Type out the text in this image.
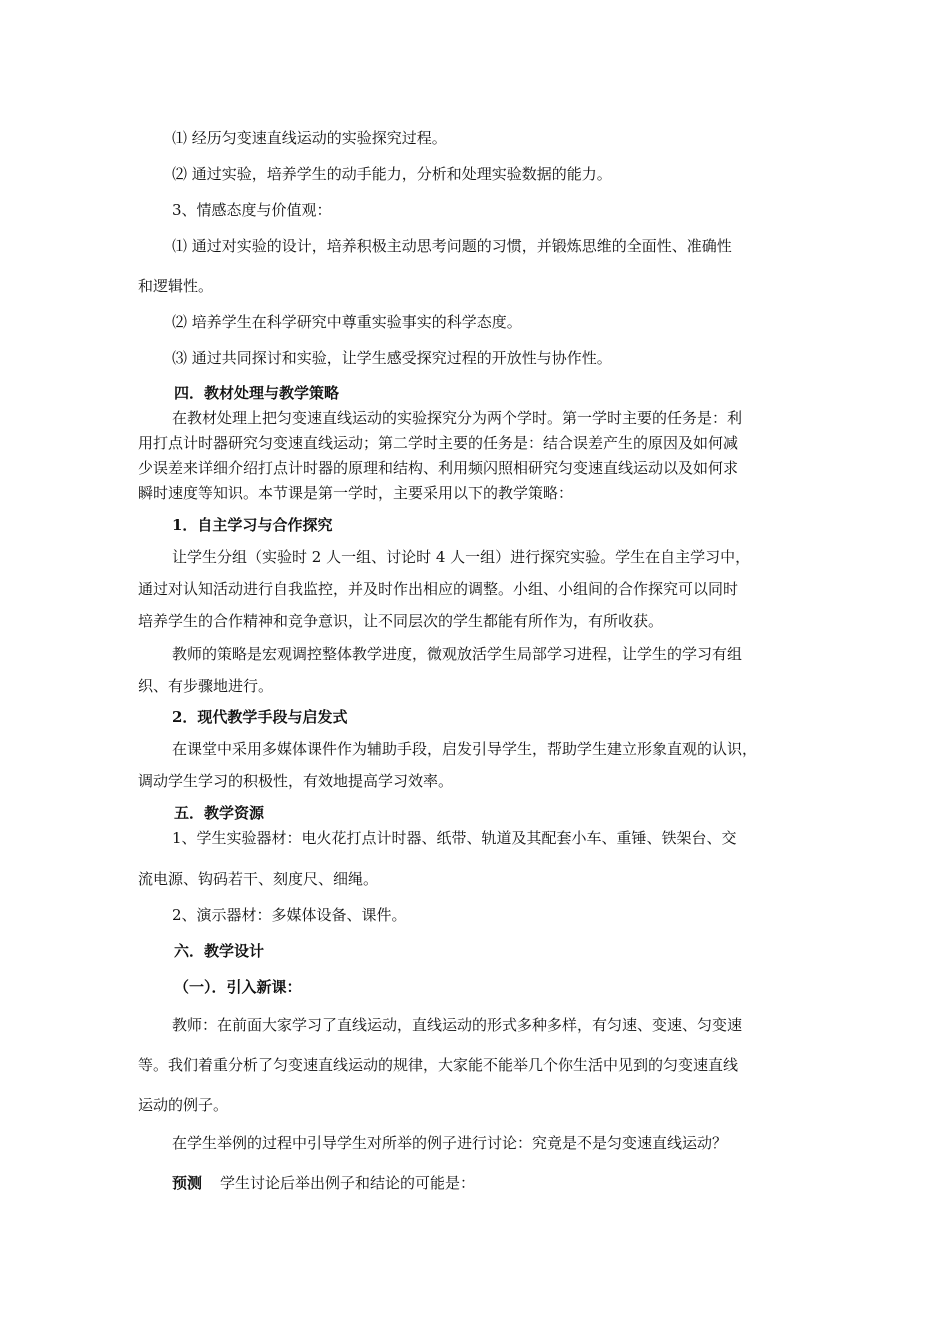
⑴ 经历匀变速直线运动的实验探究过程。
⑵ 通过实验，培养学生的动手能力，分析和处理实验数据的能力。
3、情感态度与价值观：
⑴ 通过对实验的设计，培养积极主动思考问题的习惯，并锻炼思维的全面性、准确性
和逻辑性。
⑵ 培养学生在科学研究中尊重实验事实的科学态度。
⑶ 通过共同探讨和实验，让学生感受探究过程的开放性与协作性。
四．教材处理与教学策略
在教材处理上把匀变速直线运动的实验探究分为两个学时。第一学时主要的任务是：利
用打点计时器研究匀变速直线运动；第二学时主要的任务是：结合误差产生的原因及如何减
少误差来详细介绍打点计时器的原理和结构、利用频闪照相研究匀变速直线运动以及如何求
瞬时速度等知识。本节课是第一学时，主要采用以下的教学策略：
1．自主学习与合作探究
让学生分组（实验时 2 人一组、讨论时 4 人一组）进行探究实验。学生在自主学习中，
通过对认知活动进行自我监控，并及时作出相应的调整。小组、小组间的合作探究可以同时
培养学生的合作精神和竞争意识，让不同层次的学生都能有所作为，有所收获。
教师的策略是宏观调控整体教学进度，微观放活学生局部学习进程，让学生的学习有组
织、有步骤地进行。
2．现代教学手段与启发式
在课堂中采用多媒体课件作为辅助手段，启发引导学生，帮助学生建立形象直观的认识，
调动学生学习的积极性，有效地提高学习效率。
五．教学资源
1、学生实验器材：电火花打点计时器、纸带、轨道及其配套小车、重锤、铁架台、交
流电源、钩码若干、刻度尺、细绳。
2、演示器材：多媒体设备、课件。
六．教学设计
（一）．引入新课：
教师：在前面大家学习了直线运动，直线运动的形式多种多样，有匀速、变速、匀变速
等。我们着重分析了匀变速直线运动的规律，大家能不能举几个你生活中见到的匀变速直线
运动的例子。
在学生举例的过程中引导学生对所举的例子进行讨论：究竟是不是匀变速直线运动？
预测 学生讨论后举出例子和结论的可能是：
